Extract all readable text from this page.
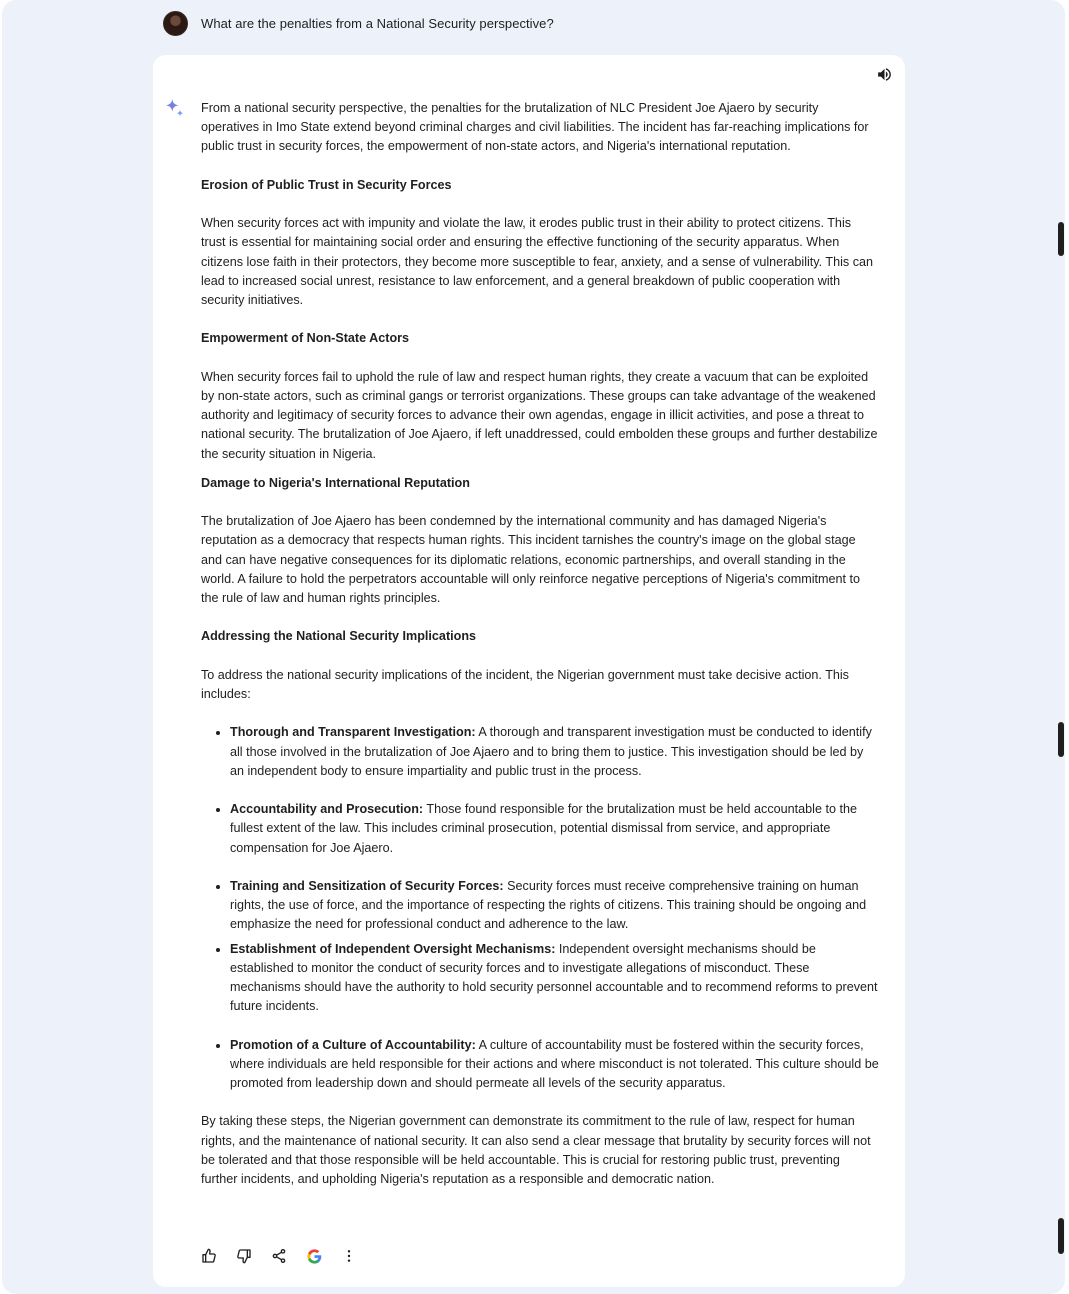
What are the penalties from a National Security perspective?

From a national security perspective, the penalties for the brutalization of NLC President Joe Ajaero by security operatives in Imo State extend beyond criminal charges and civil liabilities. The incident has far-reaching implications for public trust in security forces, the empowerment of non-state actors, and Nigeria's international reputation.

Erosion of Public Trust in Security Forces

When security forces act with impunity and violate the law, it erodes public trust in their ability to protect citizens. This trust is essential for maintaining social order and ensuring the effective functioning of the security apparatus. When citizens lose faith in their protectors, they become more susceptible to fear, anxiety, and a sense of vulnerability. This can lead to increased social unrest, resistance to law enforcement, and a general breakdown of public cooperation with security initiatives.

Empowerment of Non-State Actors

When security forces fail to uphold the rule of law and respect human rights, they create a vacuum that can be exploited by non-state actors, such as criminal gangs or terrorist organizations. These groups can take advantage of the weakened authority and legitimacy of security forces to advance their own agendas, engage in illicit activities, and pose a threat to national security. The brutalization of Joe Ajaero, if left unaddressed, could embolden these groups and further destabilize the security situation in Nigeria.

Damage to Nigeria's International Reputation

The brutalization of Joe Ajaero has been condemned by the international community and has damaged Nigeria's reputation as a democracy that respects human rights. This incident tarnishes the country's image on the global stage and can have negative consequences for its diplomatic relations, economic partnerships, and overall standing in the world. A failure to hold the perpetrators accountable will only reinforce negative perceptions of Nigeria's commitment to the rule of law and human rights principles.

Addressing the National Security Implications

To address the national security implications of the incident, the Nigerian government must take decisive action. This includes:

• Thorough and Transparent Investigation: A thorough and transparent investigation must be conducted to identify all those involved in the brutalization of Joe Ajaero and to bring them to justice. This investigation should be led by an independent body to ensure impartiality and public trust in the process.
• Accountability and Prosecution: Those found responsible for the brutalization must be held accountable to the fullest extent of the law. This includes criminal prosecution, potential dismissal from service, and appropriate compensation for Joe Ajaero.
• Training and Sensitization of Security Forces: Security forces must receive comprehensive training on human rights, the use of force, and the importance of respecting the rights of citizens. This training should be ongoing and emphasize the need for professional conduct and adherence to the law.
• Establishment of Independent Oversight Mechanisms: Independent oversight mechanisms should be established to monitor the conduct of security forces and to investigate allegations of misconduct. These mechanisms should have the authority to hold security personnel accountable and to recommend reforms to prevent future incidents.
• Promotion of a Culture of Accountability: A culture of accountability must be fostered within the security forces, where individuals are held responsible for their actions and where misconduct is not tolerated. This culture should be promoted from leadership down and should permeate all levels of the security apparatus.

By taking these steps, the Nigerian government can demonstrate its commitment to the rule of law, respect for human rights, and the maintenance of national security. It can also send a clear message that brutality by security forces will not be tolerated and that those responsible will be held accountable. This is crucial for restoring public trust, preventing further incidents, and upholding Nigeria's reputation as a responsible and democratic nation.
